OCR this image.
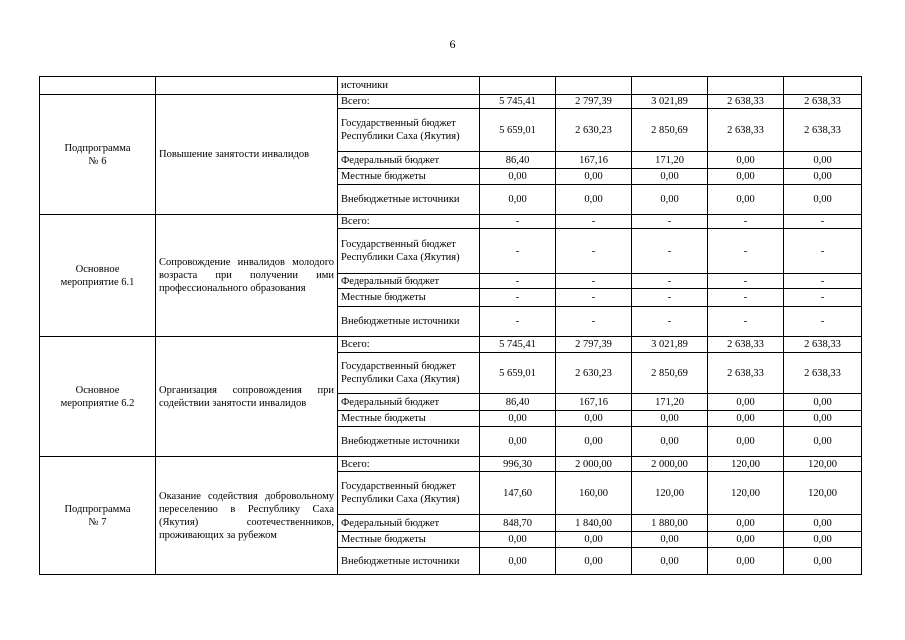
6
		источники					
Подпрограмма
№ 6	Повышение занятости инвалидов	Всего:	5 745,41	2 797,39	3 021,89	2 638,33	2 638,33
		Государственный бюджет Республики Саха (Якутия)	5 659,01	2 630,23	2 850,69	2 638,33	2 638,33
		Федеральный бюджет	86,40	167,16	171,20	0,00	0,00
		Местные бюджеты	0,00	0,00	0,00	0,00	0,00
		Внебюджетные источники	0,00	0,00	0,00	0,00	0,00
Основное
мероприятие 6.1	Сопровождение инвалидов молодого возраста при получении ими профессионального образования	Всего:	-	-	-	-	-
		Государственный бюджет Республики Саха (Якутия)	-	-	-	-	-
		Федеральный бюджет	-	-	-	-	-
		Местные бюджеты	-	-	-	-	-
		Внебюджетные источники	-	-	-	-	-
Основное
мероприятие 6.2	Организация сопровождения при содействии занятости инвалидов	Всего:	5 745,41	2 797,39	3 021,89	2 638,33	2 638,33
		Государственный бюджет Республики Саха (Якутия)	5 659,01	2 630,23	2 850,69	2 638,33	2 638,33
		Федеральный бюджет	86,40	167,16	171,20	0,00	0,00
		Местные бюджеты	0,00	0,00	0,00	0,00	0,00
		Внебюджетные источники	0,00	0,00	0,00	0,00	0,00
Подпрограмма
№ 7	Оказание содействия добровольному переселению в Республику Саха (Якутия) соотечественников, проживающих за рубежом	Всего:	996,30	2 000,00	2 000,00	120,00	120,00
		Государственный бюджет Республики Саха (Якутия)	147,60	160,00	120,00	120,00	120,00
		Федеральный бюджет	848,70	1 840,00	1 880,00	0,00	0,00
		Местные бюджеты	0,00	0,00	0,00	0,00	0,00
		Внебюджетные источники	0,00	0,00	0,00	0,00	0,00
